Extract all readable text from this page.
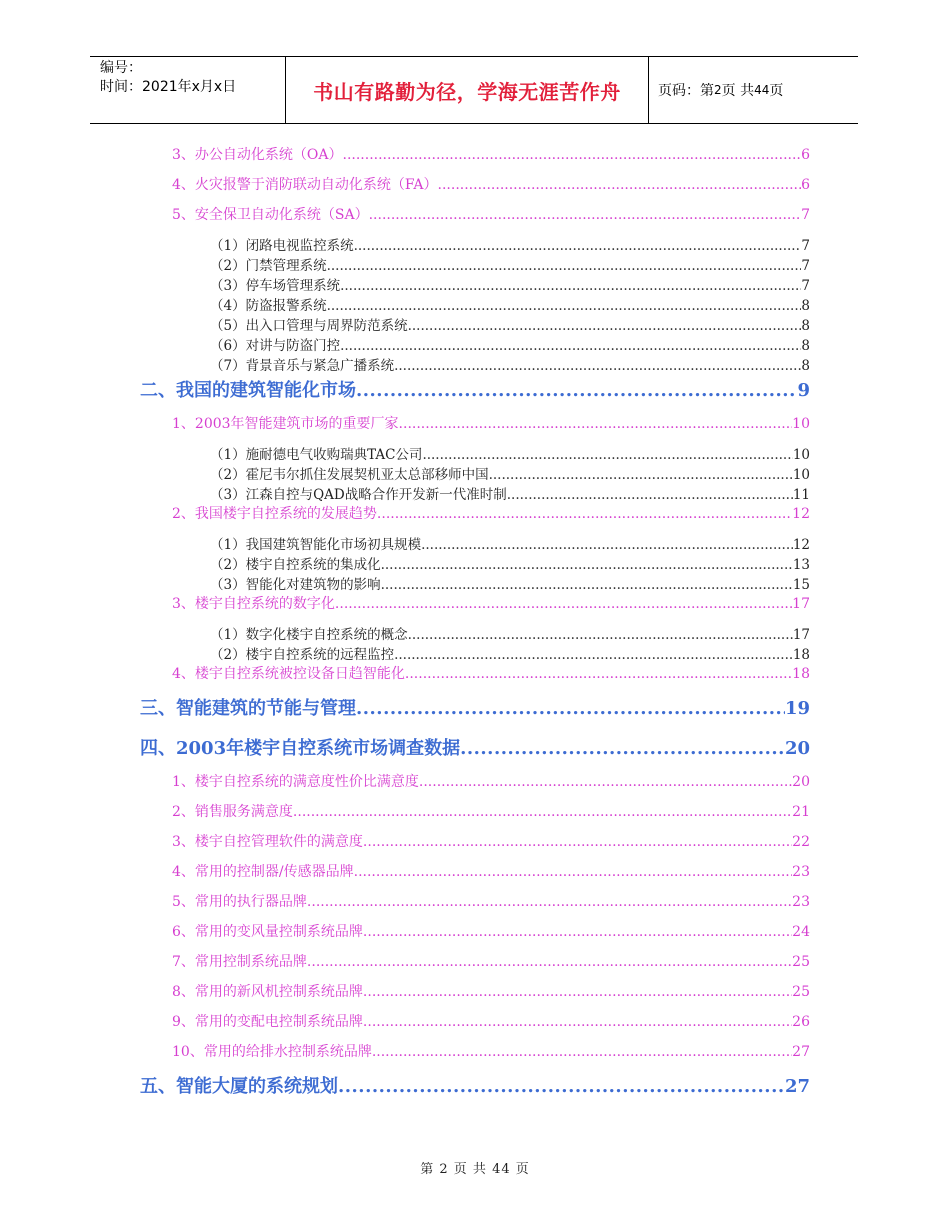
编号：
时间：2021年x月x日	书山有路勤为径，学海无涯苦作舟	页码：第 2 页 共 44 页
3、办公自动化系统（OA） .....	6
4、火灾报警于消防联动自动化系统（FA） .....	6
5、安全保卫自动化系统（SA） .....	7
（1）闭路电视监控系统 .....	7
（2）门禁管理系统 .....	7
（3）停车场管理系统 .....	7
（4）防盗报警系统 .....	8
（5）出入口管理与周界防范系统 .....	8
（6）对讲与防盗门控 .....	8
（7）背景音乐与紧急广播系统 .....	8
二、我国的建筑智能化市场 .....	9
1、2003年智能建筑市场的重要厂家 .....	10
（1）施耐德电气收购瑞典TAC公司 .....	10
（2）霍尼韦尔抓住发展契机亚太总部移师中国 .....	10
（3）江森自控与QAD战略合作开发新一代准时制 .....	11
2、我国楼宇自控系统的发展趋势 .....	12
（1）我国建筑智能化市场初具规模 .....	12
（2）楼宇自控系统的集成化 .....	13
（3）智能化对建筑物的影响 .....	15
3、楼宇自控系统的数字化 .....	17
（1）数字化楼宇自控系统的概念 .....	17
（2）楼宇自控系统的远程监控 .....	18
4、楼宇自控系统被控设备日趋智能化 .....	18
三、智能建筑的节能与管理 .....	19
四、2003年楼宇自控系统市场调查数据 .....	20
1、楼宇自控系统的满意度性价比满意度 .....	20
2、销售服务满意度 .....	21
3、楼宇自控管理软件的满意度 .....	22
4、常用的控制器/传感器品牌 .....	23
5、常用的执行器品牌 .....	23
6、常用的变风量控制系统品牌 .....	24
7、常用控制系统品牌 .....	25
8、常用的新风机控制系统品牌 .....	25
9、常用的变配电控制系统品牌 .....	26
10、常用的给排水控制系统品牌 .....	27
五、智能大厦的系统规划 .....	27
第 2 页 共 44 页
